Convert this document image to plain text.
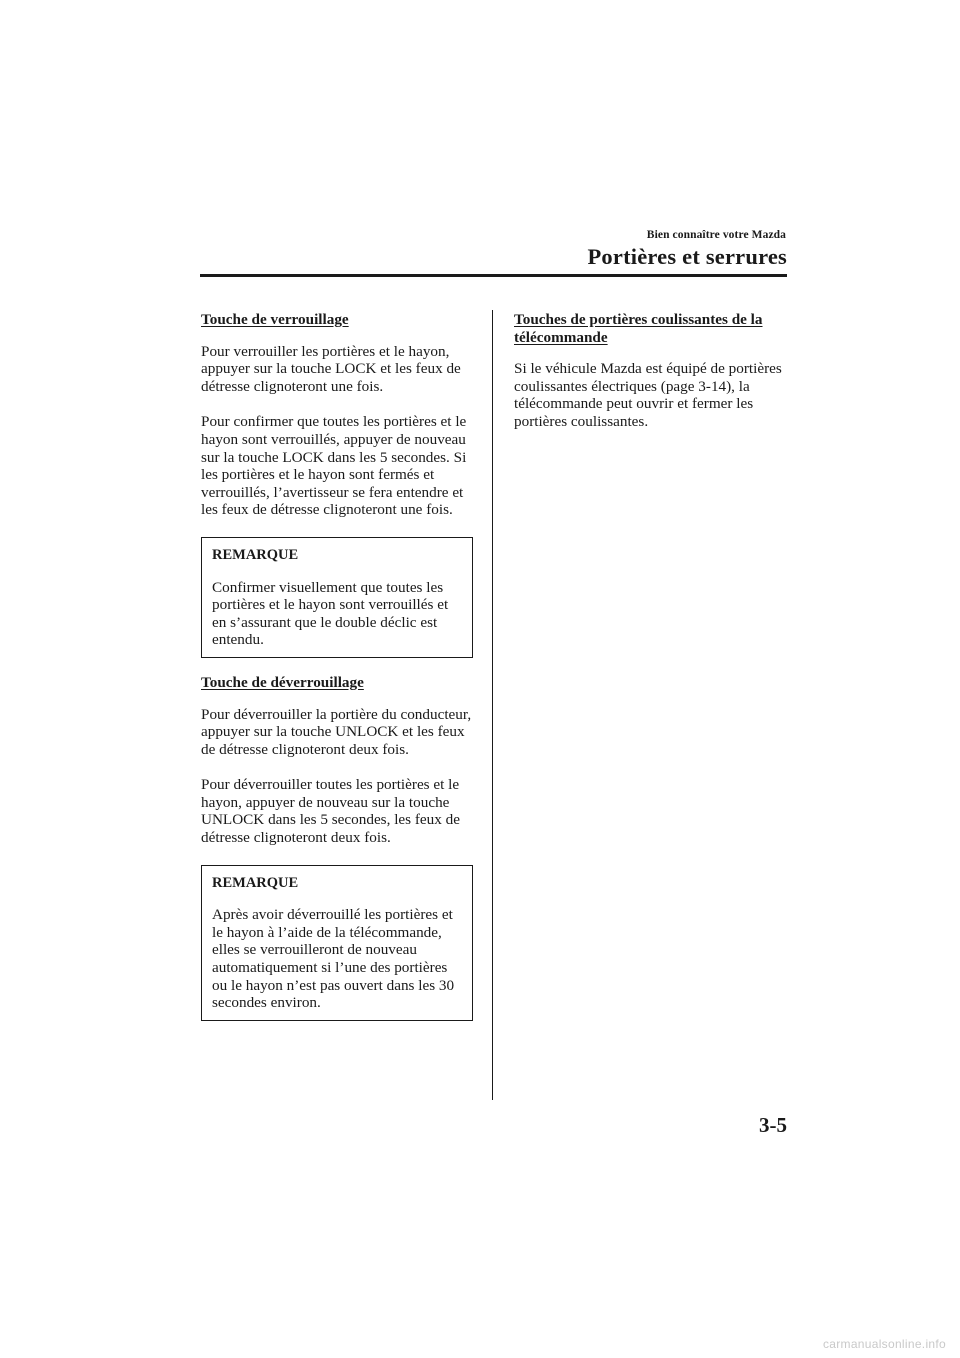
Bien connaître votre Mazda
Portières et serrures
Touche de verrouillage

Pour verrouiller les portières et le hayon, appuyer sur la touche LOCK et les feux de détresse clignoteront une fois.

Pour confirmer que toutes les portières et le hayon sont verrouillés, appuyer de nouveau sur la touche LOCK dans les 5 secondes. Si les portières et le hayon sont fermés et verrouillés, l’avertisseur se fera entendre et les feux de détresse clignoteront une fois.

REMARQUE

Confirmer visuellement que toutes les portières et le hayon sont verrouillés et en s’assurant que le double déclic est entendu.

Touche de déverrouillage

Pour déverrouiller la portière du conducteur, appuyer sur la touche UNLOCK et les feux de détresse clignoteront deux fois.

Pour déverrouiller toutes les portières et le hayon, appuyer de nouveau sur la touche UNLOCK dans les 5 secondes, les feux de détresse clignoteront deux fois.

REMARQUE

Après avoir déverrouillé les portières et le hayon à l’aide de la télécommande, elles se verrouilleront de nouveau automatiquement si l’une des portières ou le hayon n’est pas ouvert dans les 30 secondes environ.

Touches de portières coulissantes de la télécommande

Si le véhicule Mazda est équipé de portières coulissantes électriques (page 3-14), la télécommande peut ouvrir et fermer les portières coulissantes.

3-5
carmanualsonline.info
